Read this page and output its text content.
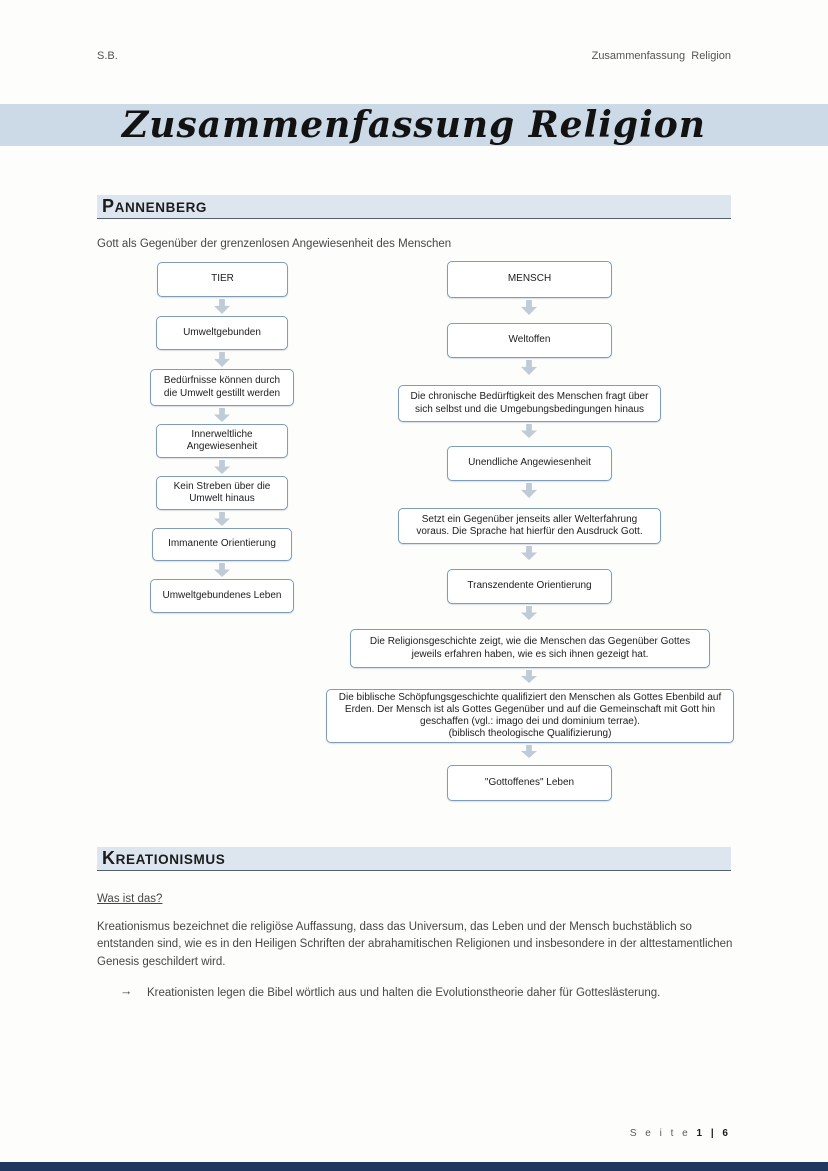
S.B.	Zusammenfassung  Religion
Zusammenfassung Religion
PANNENBERG
Gott als Gegenüber der grenzenlosen Angewiesenheit des Menschen
TIER
Umweltgebunden
Bedürfnisse können durch die Umwelt gestillt werden
Innerweltliche Angewiesenheit
Kein Streben über die Umwelt hinaus
Immanente Orientierung
Umweltgebundenes Leben
MENSCH
Weltoffen
Die chronische Bedürftigkeit des Menschen fragt über sich selbst und die Umgebungsbedingungen hinaus
Unendliche Angewiesenheit
Setzt ein Gegenüber jenseits aller Welterfahrung voraus. Die Sprache hat hierfür den Ausdruck Gott.
Transzendente Orientierung
Die Religionsgeschichte zeigt, wie die Menschen das Gegenüber Gottes jeweils erfahren haben, wie es sich ihnen gezeigt hat.
Die biblische Schöpfungsgeschichte qualifiziert den Menschen als Gottes Ebenbild auf Erden. Der Mensch ist als Gottes Gegenüber und auf die Gemeinschaft mit Gott hin geschaffen (vgl.: imago dei und dominium terrae).
(biblisch theologische Qualifizierung)
"Gottoffenes" Leben
KREATIONISMUS
Was ist das?
Kreationismus bezeichnet die religiöse Auffassung, dass das Universum, das Leben und der Mensch buchstäblich so entstanden sind, wie es in den Heiligen Schriften der abrahamitischen Religionen und insbesondere in der alttestamentlichen Genesis geschildert wird.
→ Kreationisten legen die Bibel wörtlich aus und halten die Evolutionstheorie daher für Gotteslästerung.
S e i t e 1 | 6
